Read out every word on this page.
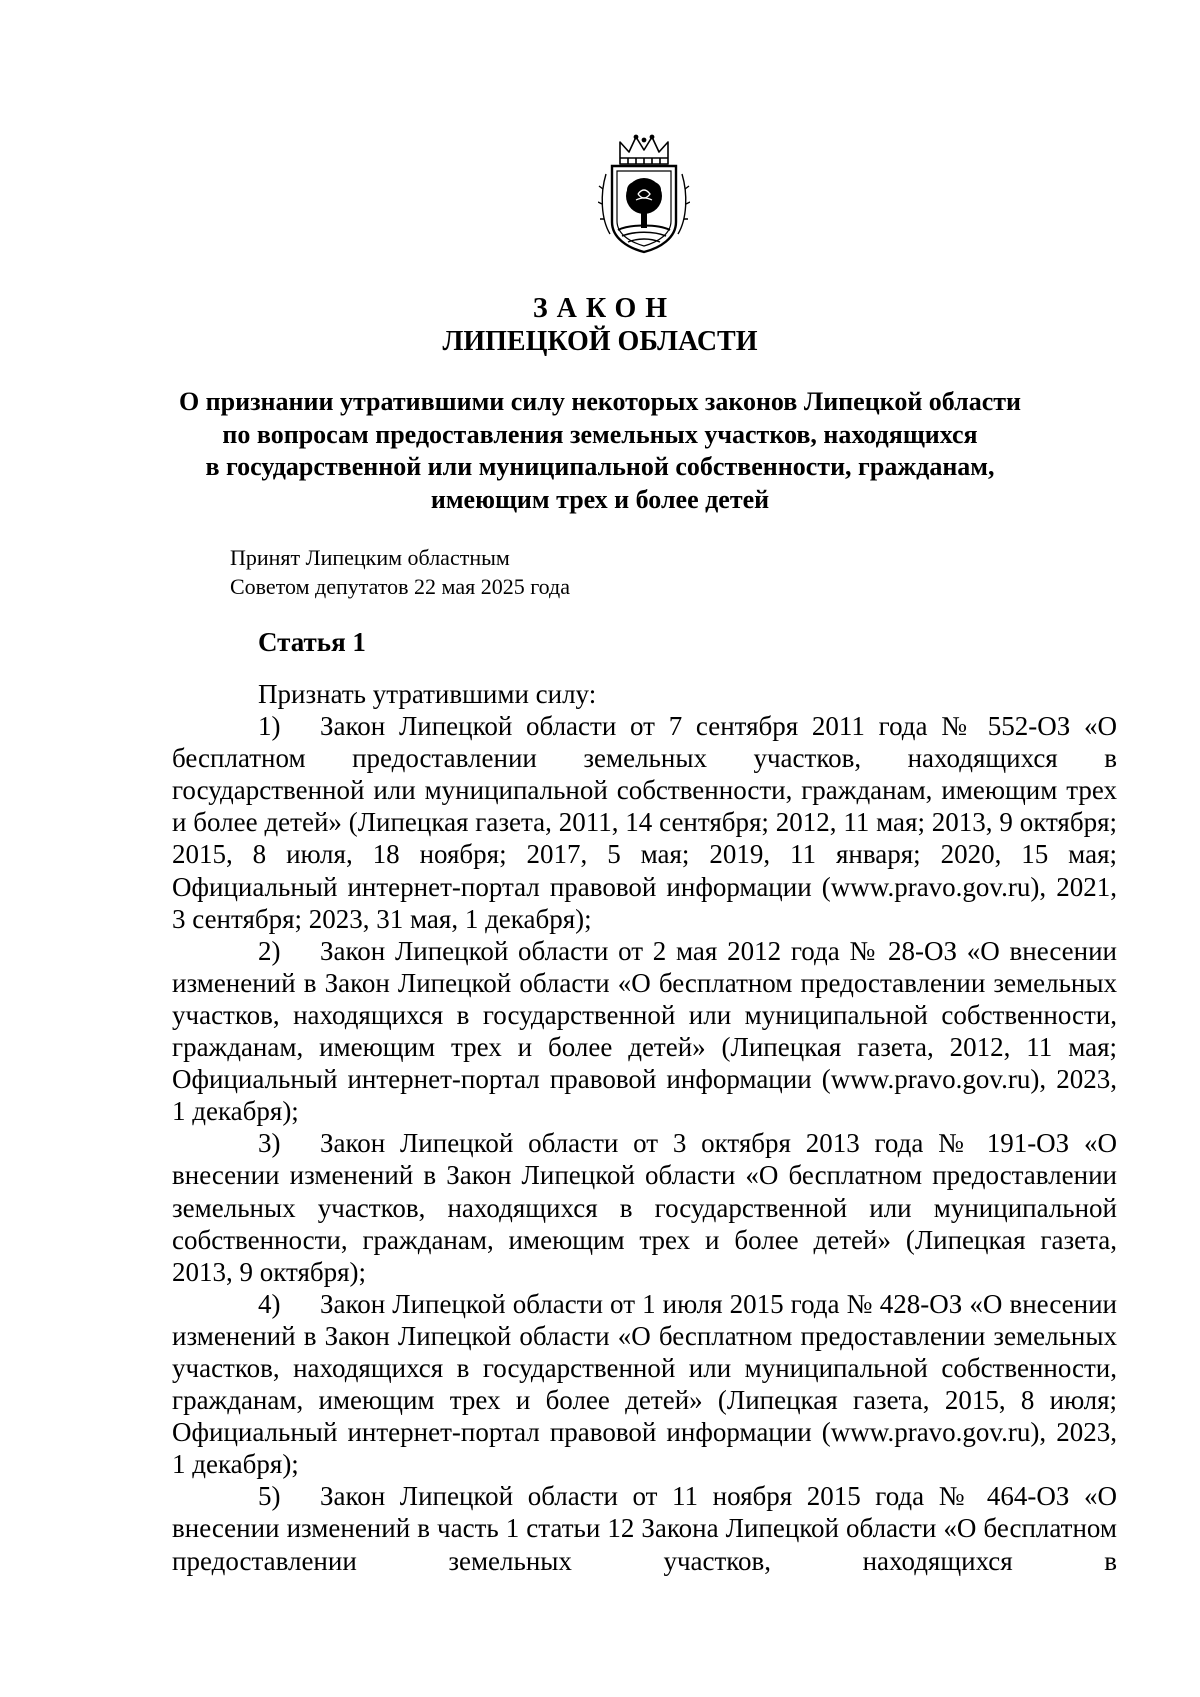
ЗАКОН
ЛИПЕЦКОЙ ОБЛАСТИ
О признании утратившими силу некоторых законов Липецкой области
по вопросам предоставления земельных участков, находящихся
в государственной или муниципальной собственности, гражданам,
имеющим трех и более детей
Принят Липецким областным
Советом депутатов 22 мая 2025 года
Статья 1

Признать утратившими силу:

1) Закон Липецкой области от 7 сентября 2011 года № 552-ОЗ «О бесплатном предоставлении земельных участков, находящихся в государственной или муниципальной собственности, гражданам, имеющим трех и более детей» (Липецкая газета, 2011, 14 сентября; 2012, 11 мая; 2013, 9 октября; 2015, 8 июля, 18 ноября; 2017, 5 мая; 2019, 11 января; 2020, 15 мая; Официальный интернет-портал правовой информации (www.pravo.gov.ru), 2021, 3 сентября; 2023, 31 мая, 1 декабря);

2) Закон Липецкой области от 2 мая 2012 года № 28-ОЗ «О внесении изменений в Закон Липецкой области «О бесплатном предоставлении земельных участков, находящихся в государственной или муниципальной собственности, гражданам, имеющим трех и более детей» (Липецкая газета, 2012, 11 мая; Официальный интернет-портал правовой информации (www.pravo.gov.ru), 2023, 1 декабря);

3) Закон Липецкой области от 3 октября 2013 года № 191-ОЗ «О внесении изменений в Закон Липецкой области «О бесплатном предоставлении земельных участков, находящихся в государственной или муниципальной собственности, гражданам, имеющим трех и более детей» (Липецкая газета, 2013, 9 октября);

4) Закон Липецкой области от 1 июля 2015 года № 428-ОЗ «О внесении изменений в Закон Липецкой области «О бесплатном предоставлении земельных участков, находящихся в государственной или муниципальной собственности, гражданам, имеющим трех и более детей» (Липецкая газета, 2015, 8 июля; Официальный интернет-портал правовой информации (www.pravo.gov.ru), 2023, 1 декабря);

5) Закон Липецкой области от 11 ноября 2015 года № 464-ОЗ «О внесении изменений в часть 1 статьи 12 Закона Липецкой области «О бесплатном предоставлении земельных участков, находящихся в
